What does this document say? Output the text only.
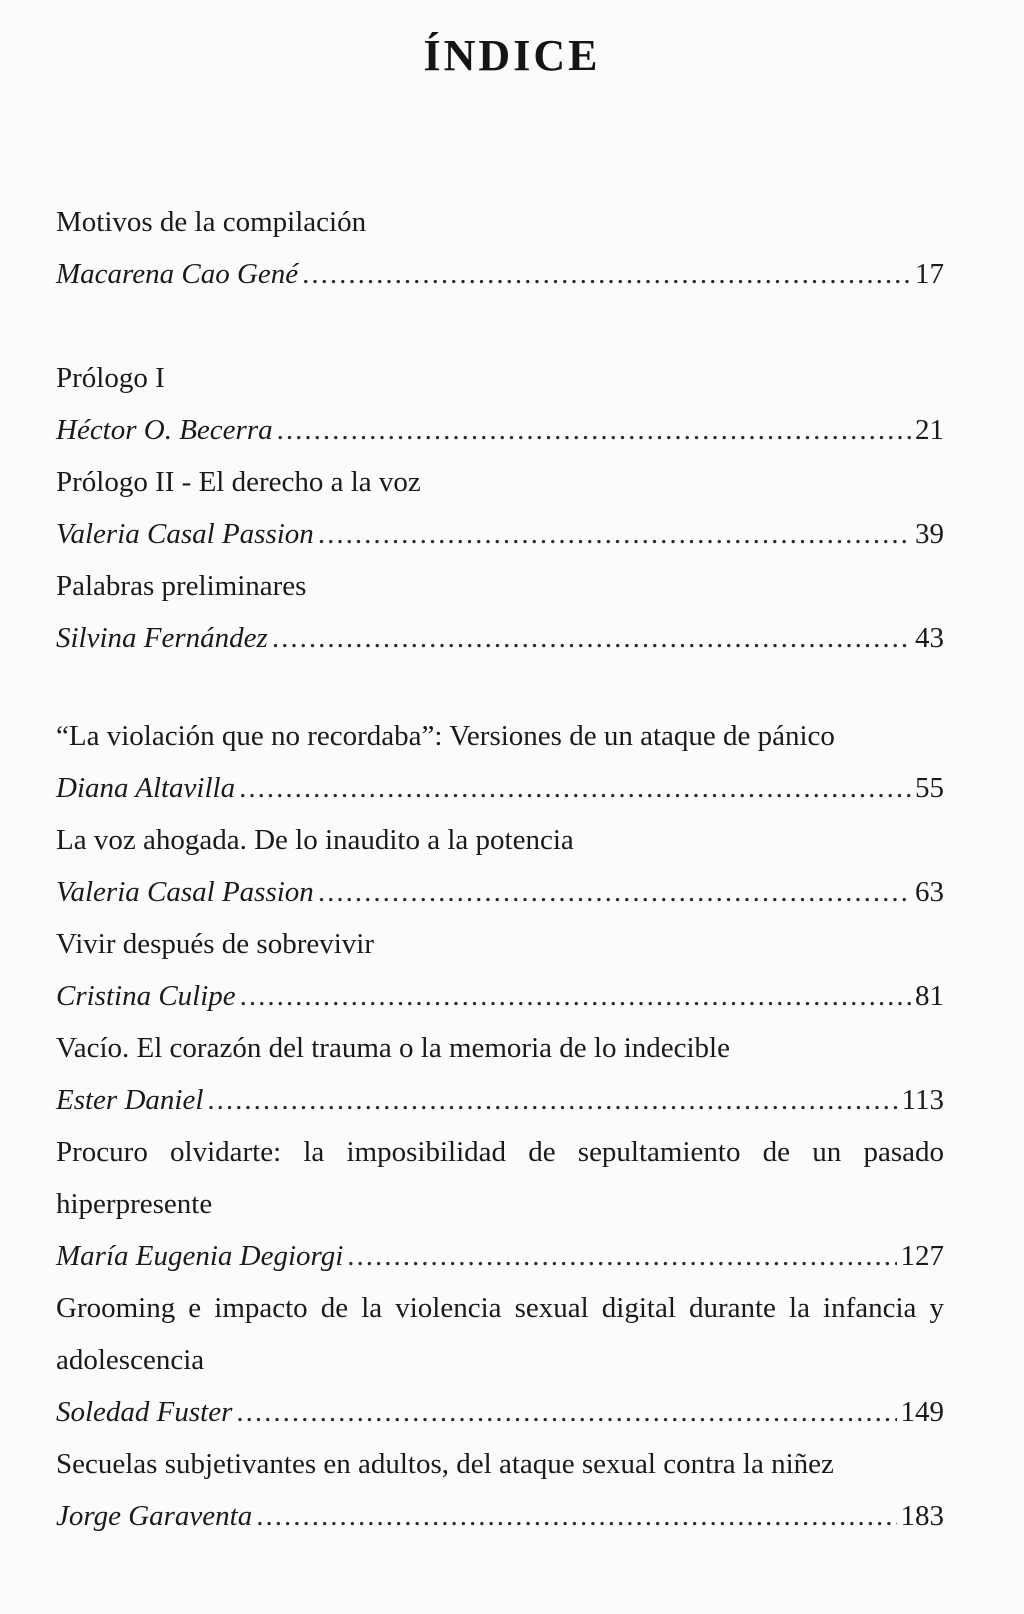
ÍNDICE
Motivos de la compilación
Macarena Cao Gené .....	17
Prólogo I
Héctor O. Becerra .....	21
Prólogo II - El derecho a la voz
Valeria Casal Passion .....	39
Palabras preliminares
Silvina Fernández .....	43
“La violación que no recordaba”: Versiones de un ataque de pánico
Diana Altavilla .....	55
La voz ahogada. De lo inaudito a la potencia
Valeria Casal Passion .....	63
Vivir después de sobrevivir
Cristina Culipe .....	81
Vacío. El corazón del trauma o la memoria de lo indecible
Ester Daniel .....	113
Procuro olvidarte: la imposibilidad de sepultamiento de un pasado hiperpresente
María Eugenia Degiorgi .....	127
Grooming e impacto de la violencia sexual digital durante la infancia y adolescencia
Soledad Fuster .....	149
Secuelas subjetivantes en adultos, del ataque sexual contra la niñez
Jorge Garaventa .....	183
